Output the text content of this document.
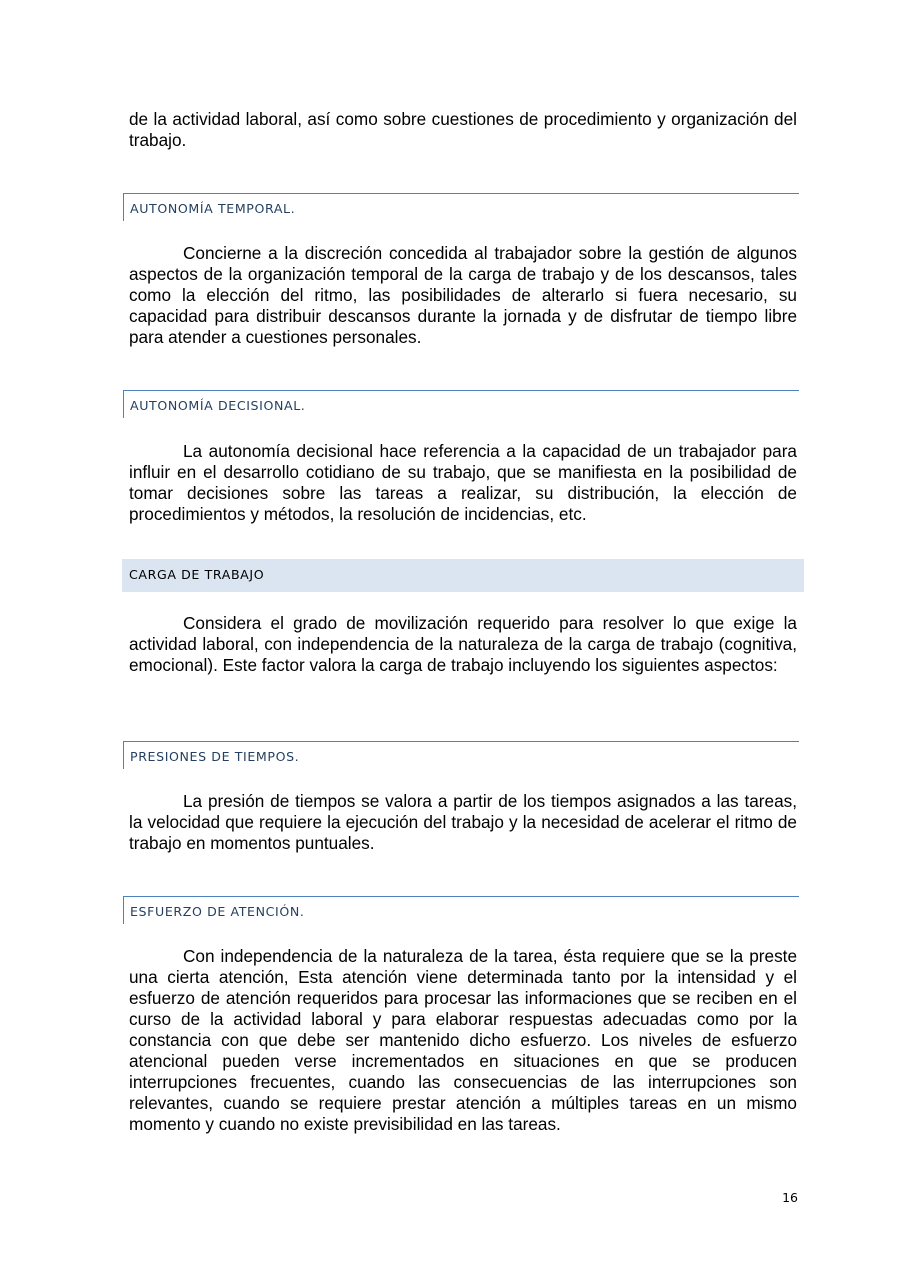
de la actividad laboral, así como sobre cuestiones de procedimiento y organización del trabajo.

AUTONOMÍA TEMPORAL.

Concierne a la discreción concedida al trabajador sobre la gestión de algunos aspectos de la organización temporal de la carga de trabajo y de los descansos, tales como la elección del ritmo, las posibilidades de alterarlo si fuera necesario, su capacidad para distribuir descansos durante la jornada y de disfrutar de tiempo libre para atender a cuestiones personales.

AUTONOMÍA DECISIONAL.

La autonomía decisional hace referencia a la capacidad de un trabajador para influir en el desarrollo cotidiano de su trabajo, que se manifiesta en la posibilidad de tomar decisiones sobre las tareas a realizar, su distribución, la elección de procedimientos y métodos, la resolución de incidencias, etc.

CARGA DE TRABAJO

Considera el grado de movilización requerido para resolver lo que exige la actividad laboral, con independencia de la naturaleza de la carga de trabajo (cognitiva, emocional). Este factor valora la carga de trabajo incluyendo los siguientes aspectos:

PRESIONES DE TIEMPOS.

La presión de tiempos se valora a partir de los tiempos asignados a las tareas, la velocidad que requiere la ejecución del trabajo y la necesidad de acelerar el ritmo de trabajo en momentos puntuales.

ESFUERZO DE ATENCIÓN.

Con independencia de la naturaleza de la tarea, ésta requiere que se la preste una cierta atención, Esta atención viene determinada tanto por la intensidad y el esfuerzo de atención requeridos para procesar las informaciones que se reciben en el curso de la actividad laboral y para elaborar respuestas adecuadas como por la constancia con que debe ser mantenido dicho esfuerzo. Los niveles de esfuerzo atencional pueden verse incrementados en situaciones en que se producen interrupciones frecuentes, cuando las consecuencias de las interrupciones son relevantes, cuando se requiere prestar atención a múltiples tareas en un mismo momento y cuando no existe previsibilidad en las tareas.

16
